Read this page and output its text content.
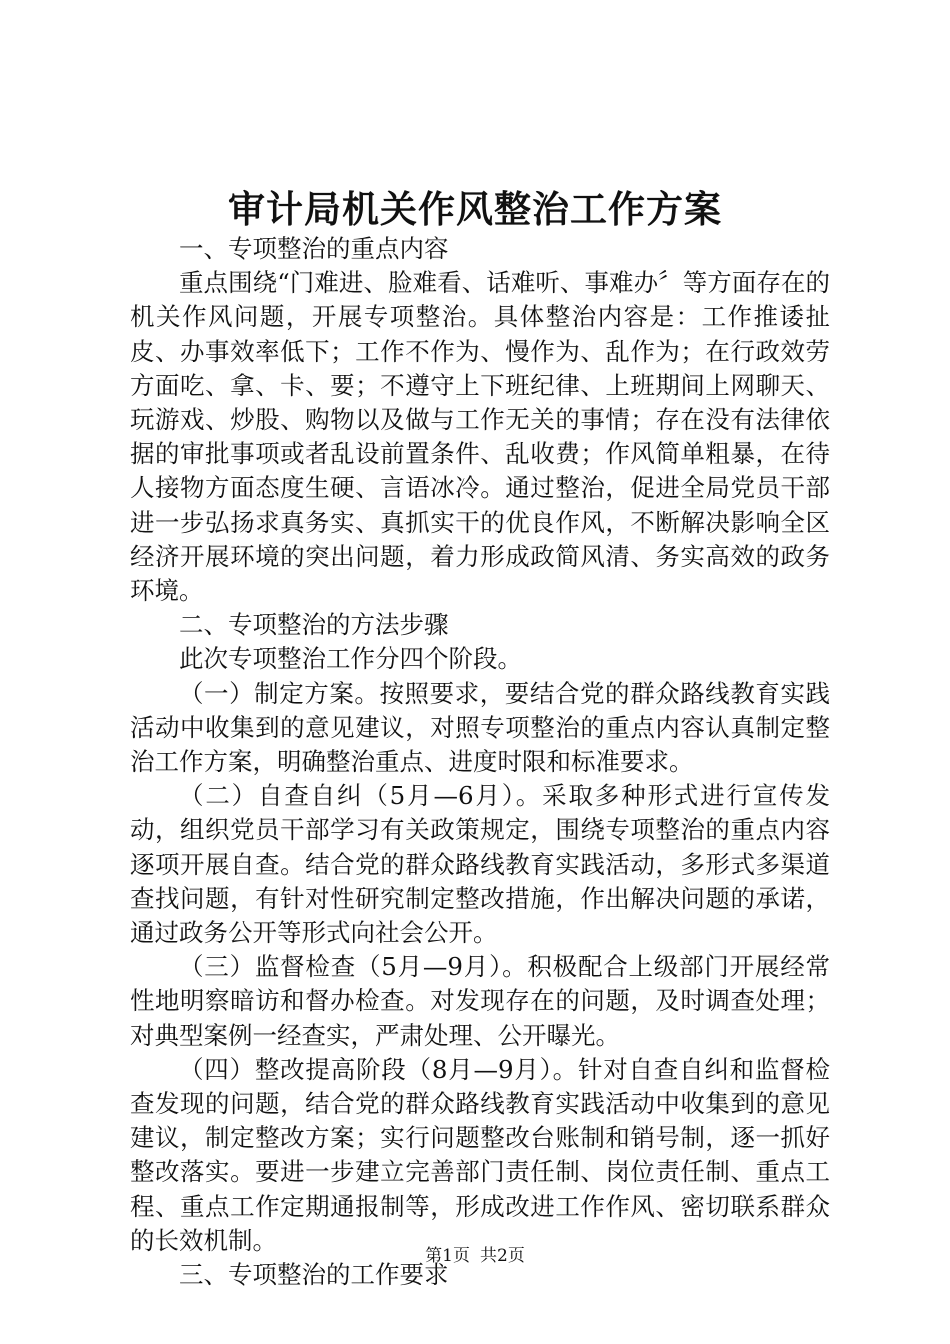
审计局机关作风整治工作方案

一、专项整治的重点内容

重点围绕“门难进、脸难看、话难听、事难办〞等方面存在的机关作风问题，开展专项整治。具体整治内容是：工作推诿扯皮、办事效率低下；工作不作为、慢作为、乱作为；在行政效劳方面吃、拿、卡、要；不遵守上下班纪律、上班期间上网聊天、玩游戏、炒股、购物以及做与工作无关的事情；存在没有法律依据的审批事项或者乱设前置条件、乱收费；作风简单粗暴，在待人接物方面态度生硬、言语冰冷。通过整治，促进全局党员干部进一步弘扬求真务实、真抓实干的优良作风，不断解决影响全区经济开展环境的突出问题，着力形成政简风清、务实高效的政务环境。

二、专项整治的方法步骤

此次专项整治工作分四个阶段。

（一）制定方案。按照要求，要结合党的群众路线教育实践活动中收集到的意见建议，对照专项整治的重点内容认真制定整治工作方案，明确整治重点、进度时限和标准要求。

（二）自查自纠（5月—6月）。采取多种形式进行宣传发动，组织党员干部学习有关政策规定，围绕专项整治的重点内容逐项开展自查。结合党的群众路线教育实践活动，多形式多渠道查找问题，有针对性研究制定整改措施，作出解决问题的承诺，通过政务公开等形式向社会公开。

（三）监督检查（5月—9月）。积极配合上级部门开展经常性地明察暗访和督办检查。对发现存在的问题，及时调查处理；对典型案例一经查实，严肃处理、公开曝光。

（四）整改提高阶段（8月—9月）。针对自查自纠和监督检查发现的问题，结合党的群众路线教育实践活动中收集到的意见建议，制定整改方案；实行问题整改台账制和销号制，逐一抓好整改落实。要进一步建立完善部门责任制、岗位责任制、重点工程、重点工作定期通报制等，形成改进工作作风、密切联系群众的长效机制。

三、专项整治的工作要求

第1页 共2页
